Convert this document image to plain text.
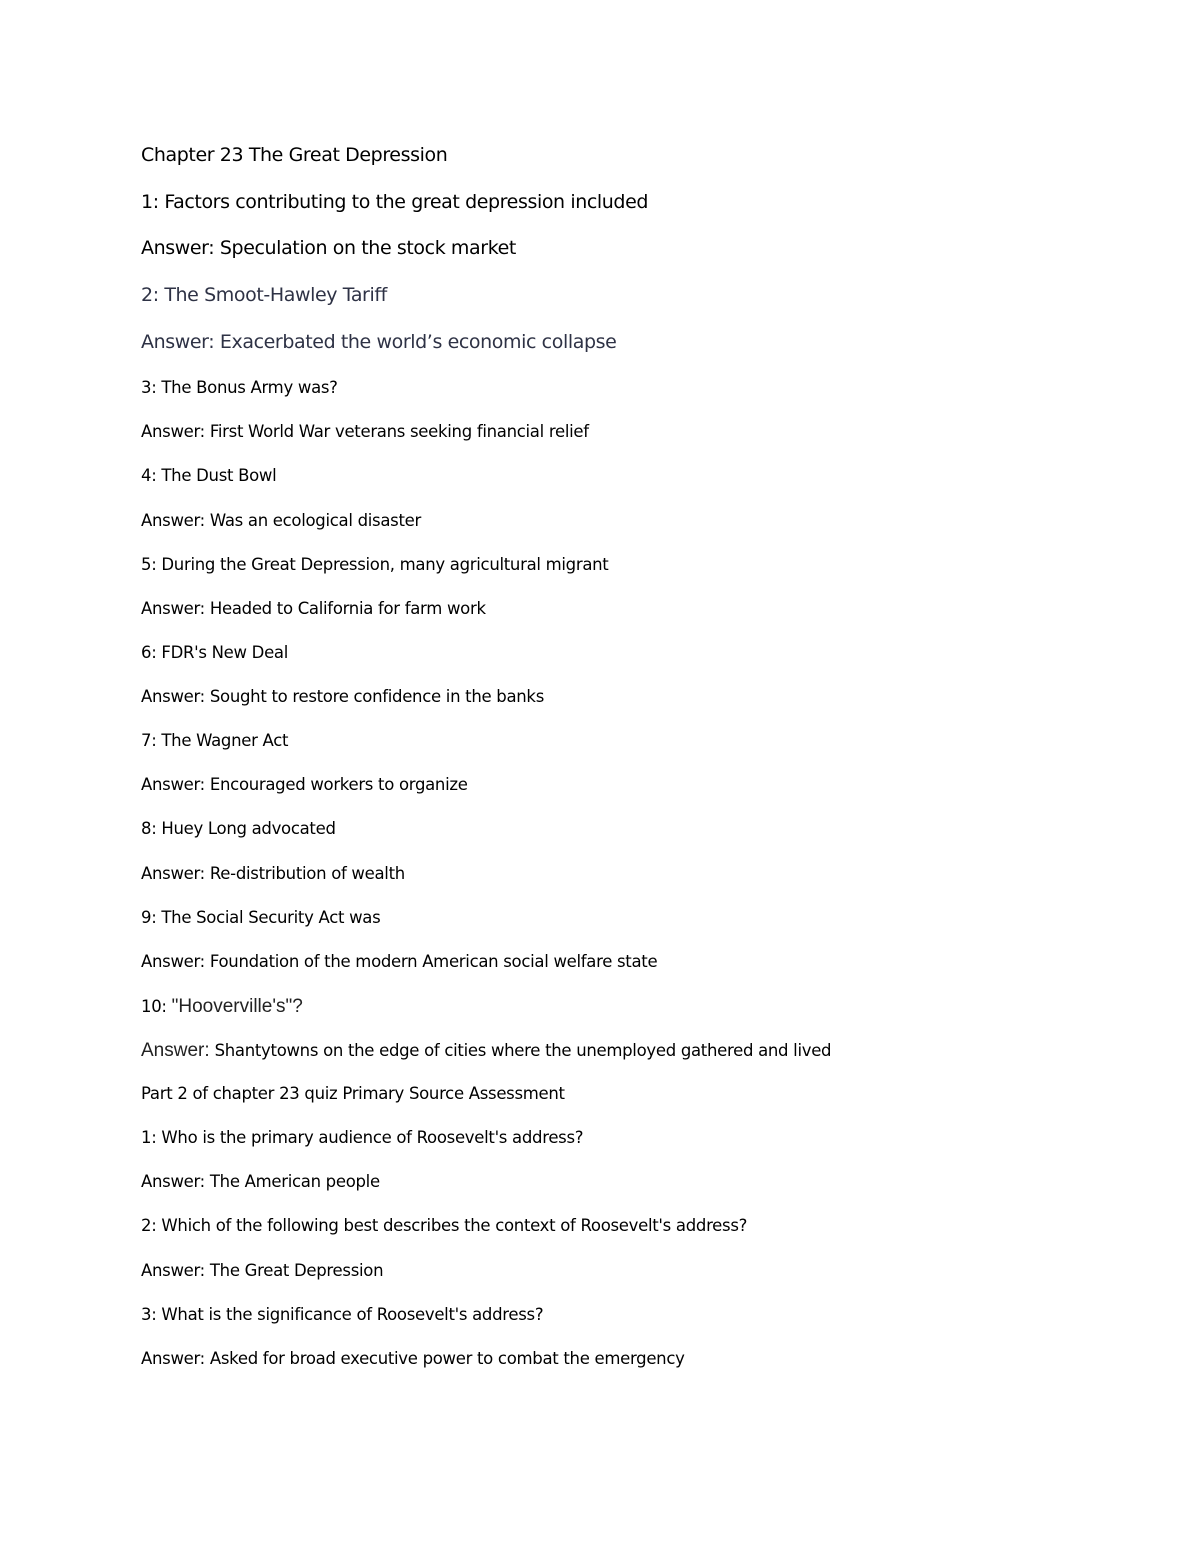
Chapter 23 The Great Depression

1: Factors contributing to the great depression included

Answer: Speculation on the stock market

2: The Smoot-Hawley Tariff

Answer: Exacerbated the world’s economic collapse

3: The Bonus Army was?

Answer: First World War veterans seeking financial relief

4: The Dust Bowl

Answer: Was an ecological disaster

5: During the Great Depression, many agricultural migrant

Answer: Headed to California for farm work

6: FDR's New Deal

Answer: Sought to restore confidence in the banks

7: The Wagner Act

Answer: Encouraged workers to organize

8: Huey Long advocated

Answer: Re-distribution of wealth

9: The Social Security Act was

Answer: Foundation of the modern American social welfare state

10: "Hooverville's"?

Answer: Shantytowns on the edge of cities where the unemployed gathered and lived

Part 2 of chapter 23 quiz Primary Source Assessment

1: Who is the primary audience of Roosevelt's address?

Answer: The American people

2: Which of the following best describes the context of Roosevelt's address?

Answer: The Great Depression

3: What is the significance of Roosevelt's address?

Answer: Asked for broad executive power to combat the emergency
